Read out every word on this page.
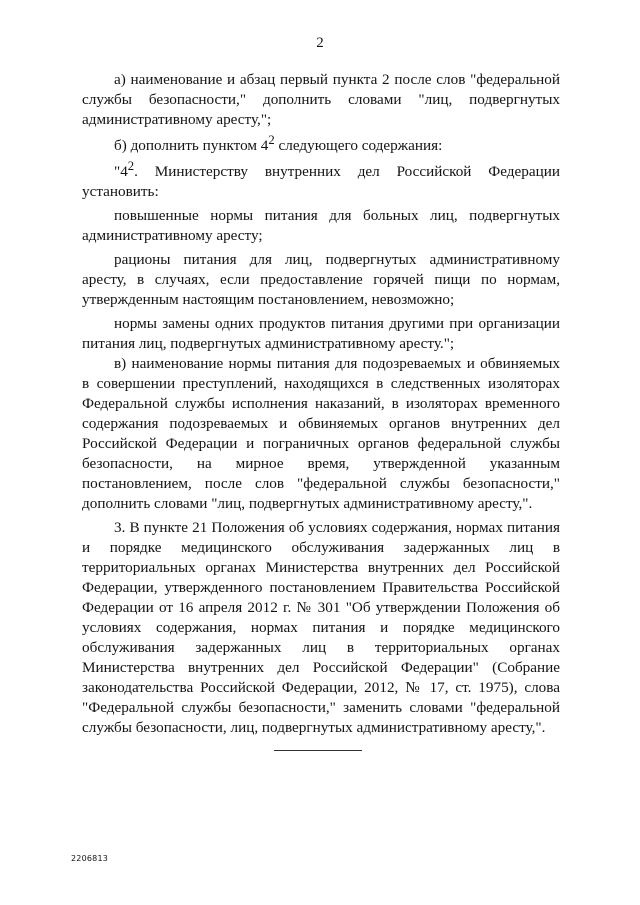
2

а) наименование и абзац первый пункта 2 после слов "федеральной службы безопасности," дополнить словами "лиц, подвергнутых административному аресту,";

б) дополнить пунктом $4^2$ следующего содержания:

"$4^2$. Министерству внутренних дел Российской Федерации установить:

повышенные нормы питания для больных лиц, подвергнутых административному аресту;

рационы питания для лиц, подвергнутых административному аресту, в случаях, если предоставление горячей пищи по нормам, утвержденным настоящим постановлением, невозможно;

нормы замены одних продуктов питания другими при организации питания лиц, подвергнутых административному аресту.";

в) наименование нормы питания для подозреваемых и обвиняемых в совершении преступлений, находящихся в следственных изоляторах Федеральной службы исполнения наказаний, в изоляторах временного содержания подозреваемых и обвиняемых органов внутренних дел Российской Федерации и пограничных органов федеральной службы безопасности, на мирное время, утвержденной указанным постановлением, после слов "федеральной службы безопасности," дополнить словами "лиц, подвергнутых административному аресту,".

3. В пункте 21 Положения об условиях содержания, нормах питания и порядке медицинского обслуживания задержанных лиц в территориальных органах Министерства внутренних дел Российской Федерации, утвержденного постановлением Правительства Российской Федерации от 16 апреля 2012 г. № 301 "Об утверждении Положения об условиях содержания, нормах питания и порядке медицинского обслуживания задержанных лиц в территориальных органах Министерства внутренних дел Российской Федерации" (Собрание законодательства Российской Федерации, 2012, № 17, ст. 1975), слова "Федеральной службы безопасности," заменить словами "федеральной службы безопасности, лиц, подвергнутых административному аресту,".

2206813
